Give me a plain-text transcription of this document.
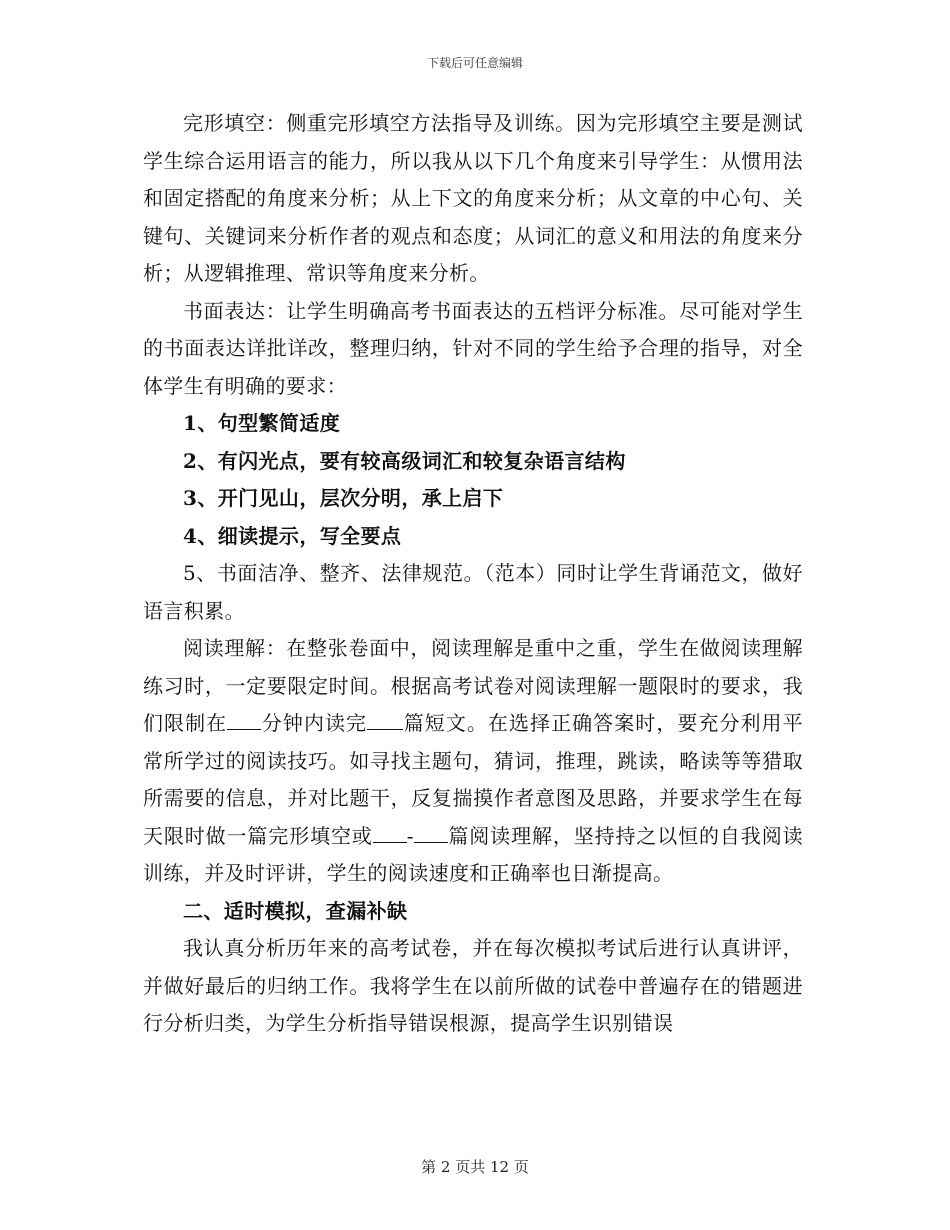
下载后可任意编辑

完形填空：侧重完形填空方法指导及训练。因为完形填空主要是测试学生综合运用语言的能力，所以我从以下几个角度来引导学生：从惯用法和固定搭配的角度来分析；从上下文的角度来分析；从文章的中心句、关键句、关键词来分析作者的观点和态度；从词汇的意义和用法的角度来分析；从逻辑推理、常识等角度来分析。

书面表达：让学生明确高考书面表达的五档评分标准。尽可能对学生的书面表达详批详改，整理归纳，针对不同的学生给予合理的指导，对全体学生有明确的要求：

1、句型繁简适度

2、有闪光点，要有较高级词汇和较复杂语言结构

3、开门见山，层次分明，承上启下

4、细读提示，写全要点

5、书面洁净、整齐、法律规范。（范本）同时让学生背诵范文，做好语言积累。

阅读理解：在整张卷面中，阅读理解是重中之重，学生在做阅读理解练习时，一定要限定时间。根据高考试卷对阅读理解一题限时的要求，我们限制在 分钟内读完 篇短文。在选择正确答案时，要充分利用平常所学过的阅读技巧。如寻找主题句，猜词，推理，跳读，略读等等猎取所需要的信息，并对比题干，反复揣摸作者意图及思路，并要求学生在每天限时做一篇完形填空或 - 篇阅读理解，坚持持之以恒的自我阅读训练，并及时评讲，学生的阅读速度和正确率也日渐提高。

二、适时模拟，查漏补缺

我认真分析历年来的高考试卷，并在每次模拟考试后进行认真讲评，并做好最后的归纳工作。我将学生在以前所做的试卷中普遍存在的错题进行分析归类，为学生分析指导错误根源，提高学生识别错误

第 2 页共 12 页
